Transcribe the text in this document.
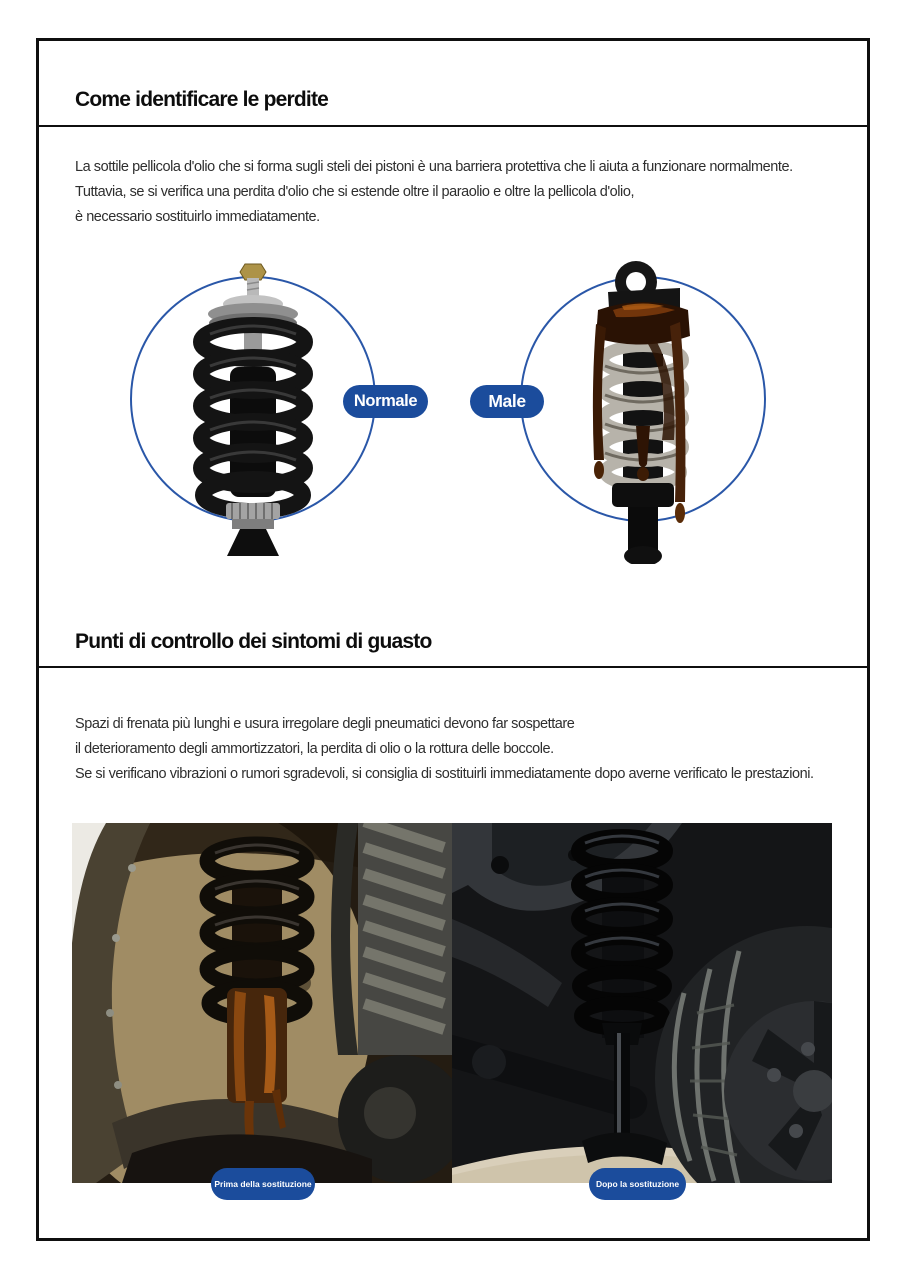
Come identificare le perdite
La sottile pellicola d'olio che si forma sugli steli dei pistoni è una barriera protettiva che li aiuta a funzionare normalmente.
Tuttavia, se si verifica una perdita d'olio che si estende oltre il paraolio e oltre la pellicola d'olio,
è necessario sostituirlo immediatamente.
Normale	Male
Punti di controllo dei sintomi di guasto
Spazi di frenata più lunghi e usura irregolare degli pneumatici devono far sospettare
il deterioramento degli ammortizzatori, la perdita di olio o la rottura delle boccole.
Se si verificano vibrazioni o rumori sgradevoli, si consiglia di sostituirli immediatamente dopo averne verificato le prestazioni.
Prima della sostituzione	Dopo la sostituzione
